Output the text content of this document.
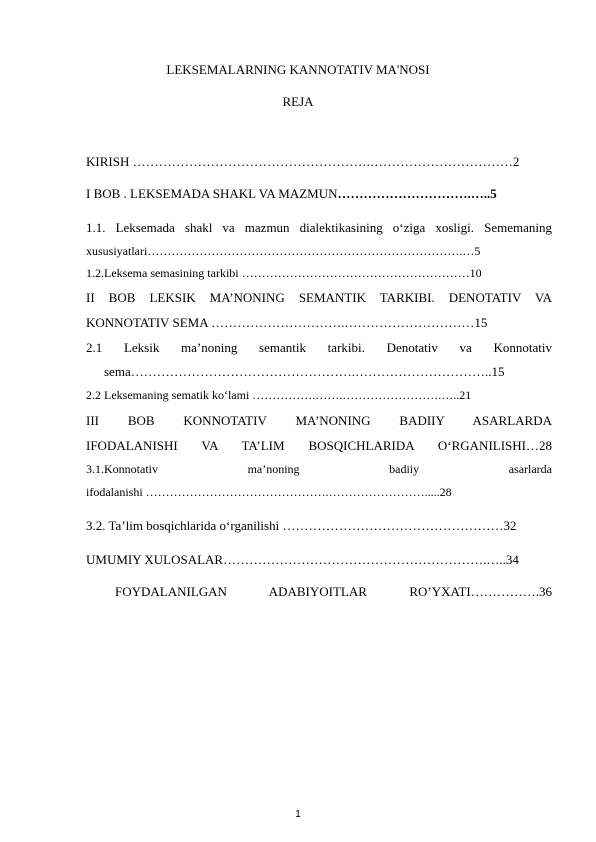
LEKSEMALARNING KANNOTATIV MA'NOSI
REJA
KIRISH ……………………………………………….……………………………2
I BOB . LEKSEMADA SHAKL VA MAZMUN………………………….…..5
1.1. Leksemada shakl va mazmun dialektikasining o‘ziga xosligi. Sememaning
xususiyatlari…………………………………………………………………….…5
1.2.Leksema semasining tarkibi …………………………………………………10
II BOB LEKSIK MA’NONING SEMANTIK TARKIBI. DENOTATIV VA
KONNOTATIV SEMA ………………………….…………………………15
2.1 Leksik ma’noning semantik tarkibi. Denotativ va Konnotativ
sema…………………………………………….…………………………..15
2.2 Leksemaning sematik ko‘lami …………….…….…………………….…..21
III BOB KONNOTATIV MA’NONING BADIIY ASARLARDA
IFODALANISHI VA TA’LIM BOSQICHLARIDA O‘RGANILISHI…28
3.1.Konnotativ ma’noning badiiy asarlarda
ifodalanishi ……………………………………….…………………….....28
3.2. Ta’lim bosqichlarida o‘rganilishi ……………………………………………32
UMUMIY XULOSALAR…………………………………………………….…..34
FOYDALANILGAN ADABIYOITLAR RO’YXATI…………….36
1
